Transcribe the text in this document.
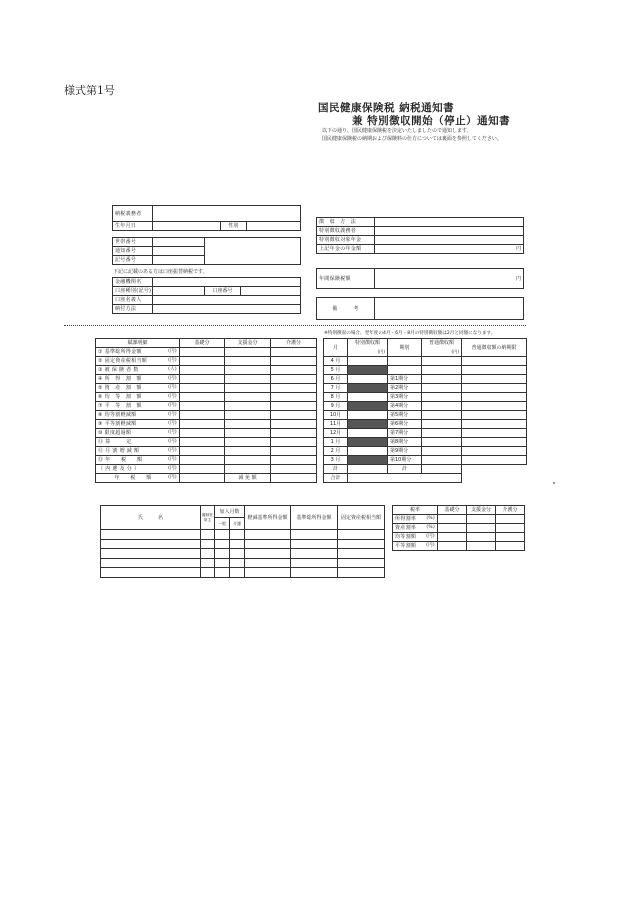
様式第1号
国民健康保険税 納税通知書
兼 特別徴収開始（停止）通知書
以下の通り、国民健康保険税を決定いたしましたので通知します。
国民健康保険税の納期および保険料の仕方については裏面を参照してください。
納税義務者			
生年月日		性別	
世帯番号		
通知番号		
記号番号		
下記に記載のある方は口座振替納税です。
金融機関名			
口座種別(記号)		口座番号	
口座名義人			
納付方法			
徴　収　方　法	
特別徴収義務者	
特別徴収対象年金	
上記年金の年金額	円
年間保険税額	円
備　　　考	
※特別徴収の場合、翌年度の4月・6月・8月の特別徴収額は2月と同額になります。
賦課明細	基礎分	支援金分	介護分
① 基準総所得金額 (円)			

② 固定資産税相当額 (円)			

③ 被 保 険 者 数 (人)			

④ 所　得　割　額 (円)			

⑤ 資　産　割　額 (円)			

⑥ 均　等　割　額 (円)			

⑦ 平　等　割　額 (円)			

⑧ 均等割軽減額 (円)			

⑨ 平等割軽減額 (円)			

⑩ 限度超過額 (円)			

⑪ 算　　　定 (円)			

⑫ 月 割 増 減 額 (円)			

⑬ 年　　税　　額 (円)			

（ 内 遡 及 分 ） (円)			

年　　税　　額 (円)		減 免 額	
月	特別徴収額	期別	普通徴収額	普通徴収額の納期限
	(円)		(円)	
4 月				
5 月				
6 月		第1期分		
7 月		第2期分		
8 月		第3期分		
9 月		第4期分		
10月		第5期分		
11月		第6期分		
12月		第7期分		
1 月		第8期分		
2 月		第9期分		
3 月		第10期分		
計		計		
合計				
氏　　　名	擬制世帯主	加入月数		軽減基準所得金額	基準総所得金額	固定資産税相当額
		一般	介護			

税率	基礎分	支援金分	介護分
所得割率 (%)			

資産割率 (%)			

均等割額 (円)			

平等割額 (円)			
